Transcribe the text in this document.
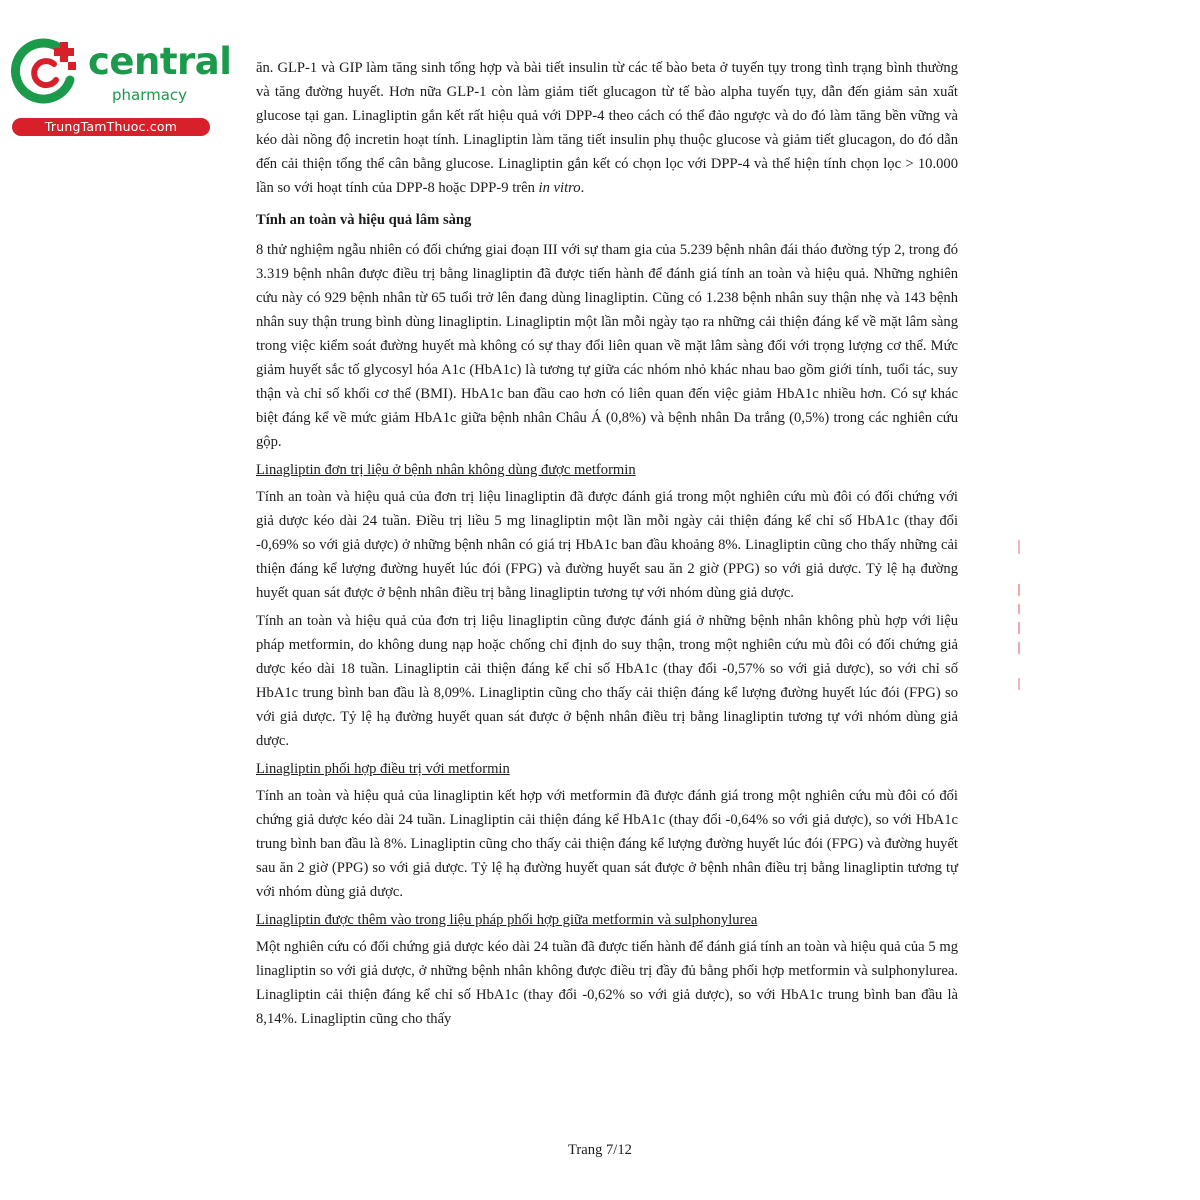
central
pharmacy
TrungTamThuoc.com

ăn. GLP-1 và GIP làm tăng sinh tổng hợp và bài tiết insulin từ các tế bào beta ở tuyến tụy trong tình trạng bình thường và tăng đường huyết. Hơn nữa GLP-1 còn làm giảm tiết glucagon từ tế bào alpha tuyến tụy, dẫn đến giảm sản xuất glucose tại gan. Linagliptin gắn kết rất hiệu quả với DPP-4 theo cách có thể đảo ngược và do đó làm tăng bền vững và kéo dài nồng độ incretin hoạt tính. Linagliptin làm tăng tiết insulin phụ thuộc glucose và giảm tiết glucagon, do đó dẫn đến cải thiện tổng thể cân bằng glucose. Linagliptin gắn kết có chọn lọc với DPP-4 và thể hiện tính chọn lọc > 10.000 lần so với hoạt tính của DPP-8 hoặc DPP-9 trên in vitro.

Tính an toàn và hiệu quả lâm sàng

8 thử nghiệm ngẫu nhiên có đối chứng giai đoạn III với sự tham gia của 5.239 bệnh nhân đái tháo đường týp 2, trong đó 3.319 bệnh nhân được điều trị bằng linagliptin đã được tiến hành để đánh giá tính an toàn và hiệu quả. Những nghiên cứu này có 929 bệnh nhân từ 65 tuổi trở lên đang dùng linagliptin. Cũng có 1.238 bệnh nhân suy thận nhẹ và 143 bệnh nhân suy thận trung bình dùng linagliptin. Linagliptin một lần mỗi ngày tạo ra những cải thiện đáng kể về mặt lâm sàng trong việc kiểm soát đường huyết mà không có sự thay đổi liên quan về mặt lâm sàng đối với trọng lượng cơ thể. Mức giảm huyết sắc tố glycosyl hóa A1c (HbA1c) là tương tự giữa các nhóm nhỏ khác nhau bao gồm giới tính, tuổi tác, suy thận và chỉ số khối cơ thể (BMI). HbA1c ban đầu cao hơn có liên quan đến việc giảm HbA1c nhiều hơn. Có sự khác biệt đáng kể về mức giảm HbA1c giữa bệnh nhân Châu Á (0,8%) và bệnh nhân Da trắng (0,5%) trong các nghiên cứu gộp.

Linagliptin đơn trị liệu ở bệnh nhân không dùng được metformin

Tính an toàn và hiệu quả của đơn trị liệu linagliptin đã được đánh giá trong một nghiên cứu mù đôi có đối chứng với giả dược kéo dài 24 tuần. Điều trị liều 5 mg linagliptin một lần mỗi ngày cải thiện đáng kể chỉ số HbA1c (thay đổi -0,69% so với giả dược) ở những bệnh nhân có giá trị HbA1c ban đầu khoảng 8%. Linagliptin cũng cho thấy những cải thiện đáng kể lượng đường huyết lúc đói (FPG) và đường huyết sau ăn 2 giờ (PPG) so với giả dược. Tỷ lệ hạ đường huyết quan sát được ở bệnh nhân điều trị bằng linagliptin tương tự với nhóm dùng giả dược.

Tính an toàn và hiệu quả của đơn trị liệu linagliptin cũng được đánh giá ở những bệnh nhân không phù hợp với liệu pháp metformin, do không dung nạp hoặc chống chỉ định do suy thận, trong một nghiên cứu mù đôi có đối chứng giả dược kéo dài 18 tuần. Linagliptin cải thiện đáng kể chỉ số HbA1c (thay đổi -0,57% so với giả dược), so với chỉ số HbA1c trung bình ban đầu là 8,09%. Linagliptin cũng cho thấy cải thiện đáng kể lượng đường huyết lúc đói (FPG) so với giả dược. Tỷ lệ hạ đường huyết quan sát được ở bệnh nhân điều trị bằng linagliptin tương tự với nhóm dùng giả dược.

Linagliptin phối hợp điều trị với metformin

Tính an toàn và hiệu quả của linagliptin kết hợp với metformin đã được đánh giá trong một nghiên cứu mù đôi có đối chứng giả dược kéo dài 24 tuần. Linagliptin cải thiện đáng kể HbA1c (thay đổi -0,64% so với giả dược), so với HbA1c trung bình ban đầu là 8%. Linagliptin cũng cho thấy cải thiện đáng kể lượng đường huyết lúc đói (FPG) và đường huyết sau ăn 2 giờ (PPG) so với giả dược. Tỷ lệ hạ đường huyết quan sát được ở bệnh nhân điều trị bằng linagliptin tương tự với nhóm dùng giả dược.

Linagliptin được thêm vào trong liệu pháp phối hợp giữa metformin và sulphonylurea

Một nghiên cứu có đối chứng giả dược kéo dài 24 tuần đã được tiến hành để đánh giá tính an toàn và hiệu quả của 5 mg linagliptin so với giả dược, ở những bệnh nhân không được điều trị đầy đủ bằng phối hợp metformin và sulphonylurea. Linagliptin cải thiện đáng kể chỉ số HbA1c (thay đổi -0,62% so với giả dược), so với HbA1c trung bình ban đầu là 8,14%. Linagliptin cũng cho thấy

Trang 7/12
